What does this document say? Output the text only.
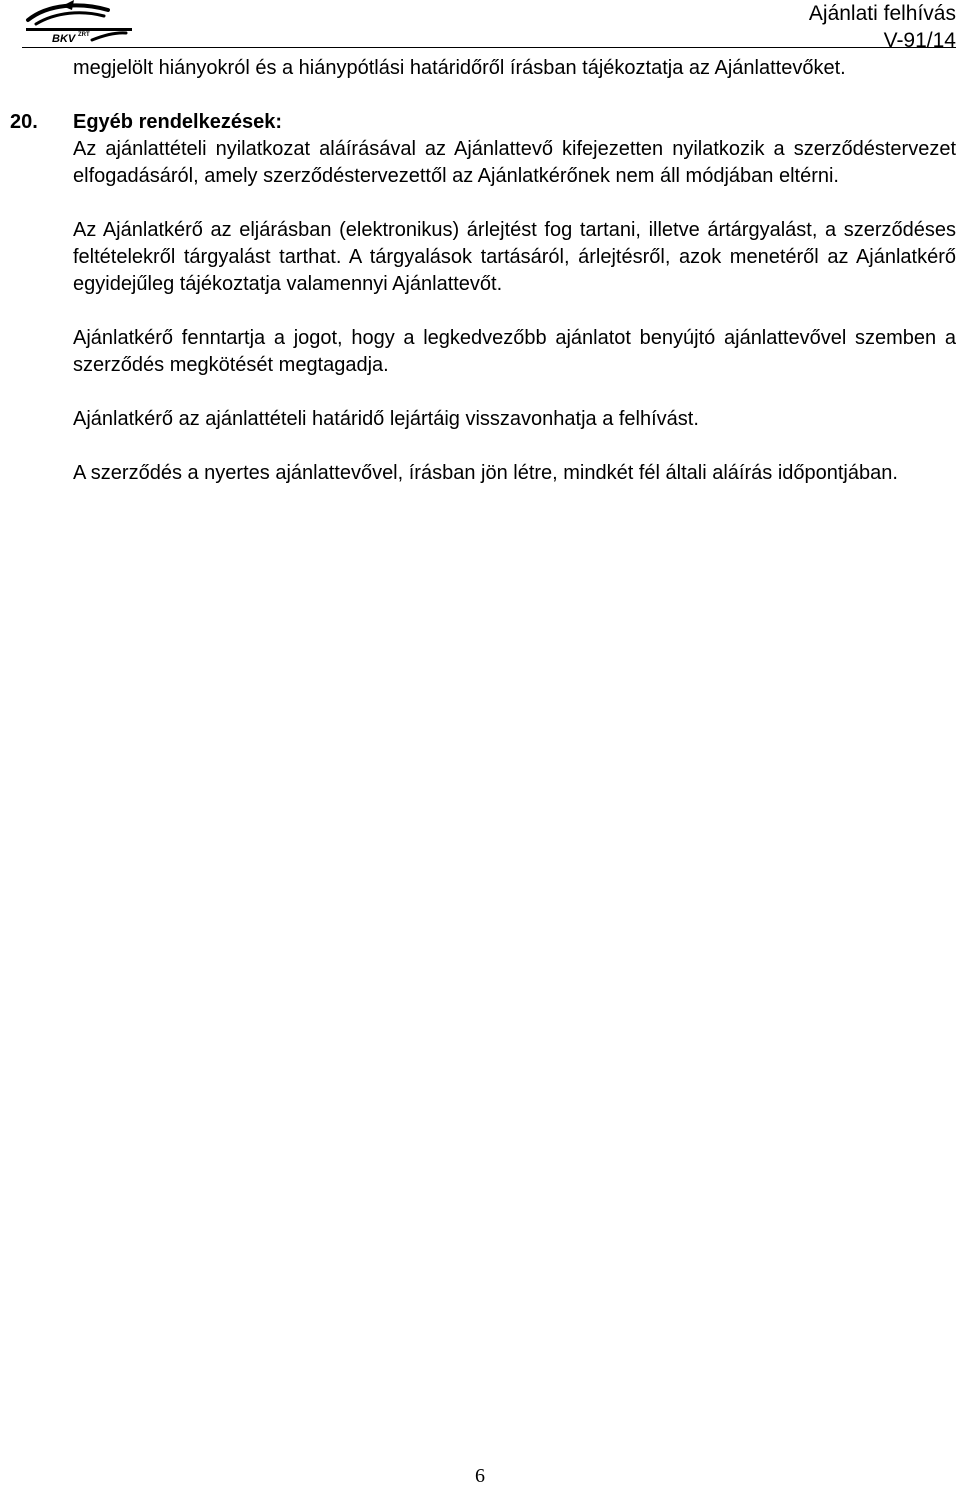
BKV ZRT
Ajánlati felhívás
V-91/14

megjelölt hiányokról és a hiánypótlási határidőről írásban tájékoztatja az Ajánlattevőket.

20. Egyéb rendelkezések:

Az ajánlattételi nyilatkozat aláírásával az Ajánlattevő kifejezetten nyilatkozik a szerződéstervezet elfogadásáról, amely szerződéstervezettől az Ajánlatkérőnek nem áll módjában eltérni.

Az Ajánlatkérő az eljárásban (elektronikus) árlejtést fog tartani, illetve ártárgyalást, a szerződéses feltételekről tárgyalást tarthat. A tárgyalások tartásáról, árlejtésről, azok menetéről az Ajánlatkérő egyidejűleg tájékoztatja valamennyi Ajánlattevőt.

Ajánlatkérő fenntartja a jogot, hogy a legkedvezőbb ajánlatot benyújtó ajánlattevővel szemben a szerződés megkötését megtagadja.

Ajánlatkérő az ajánlattételi határidő lejártáig visszavonhatja a felhívást.

A szerződés a nyertes ajánlattevővel, írásban jön létre, mindkét fél általi aláírás időpontjában.

6
